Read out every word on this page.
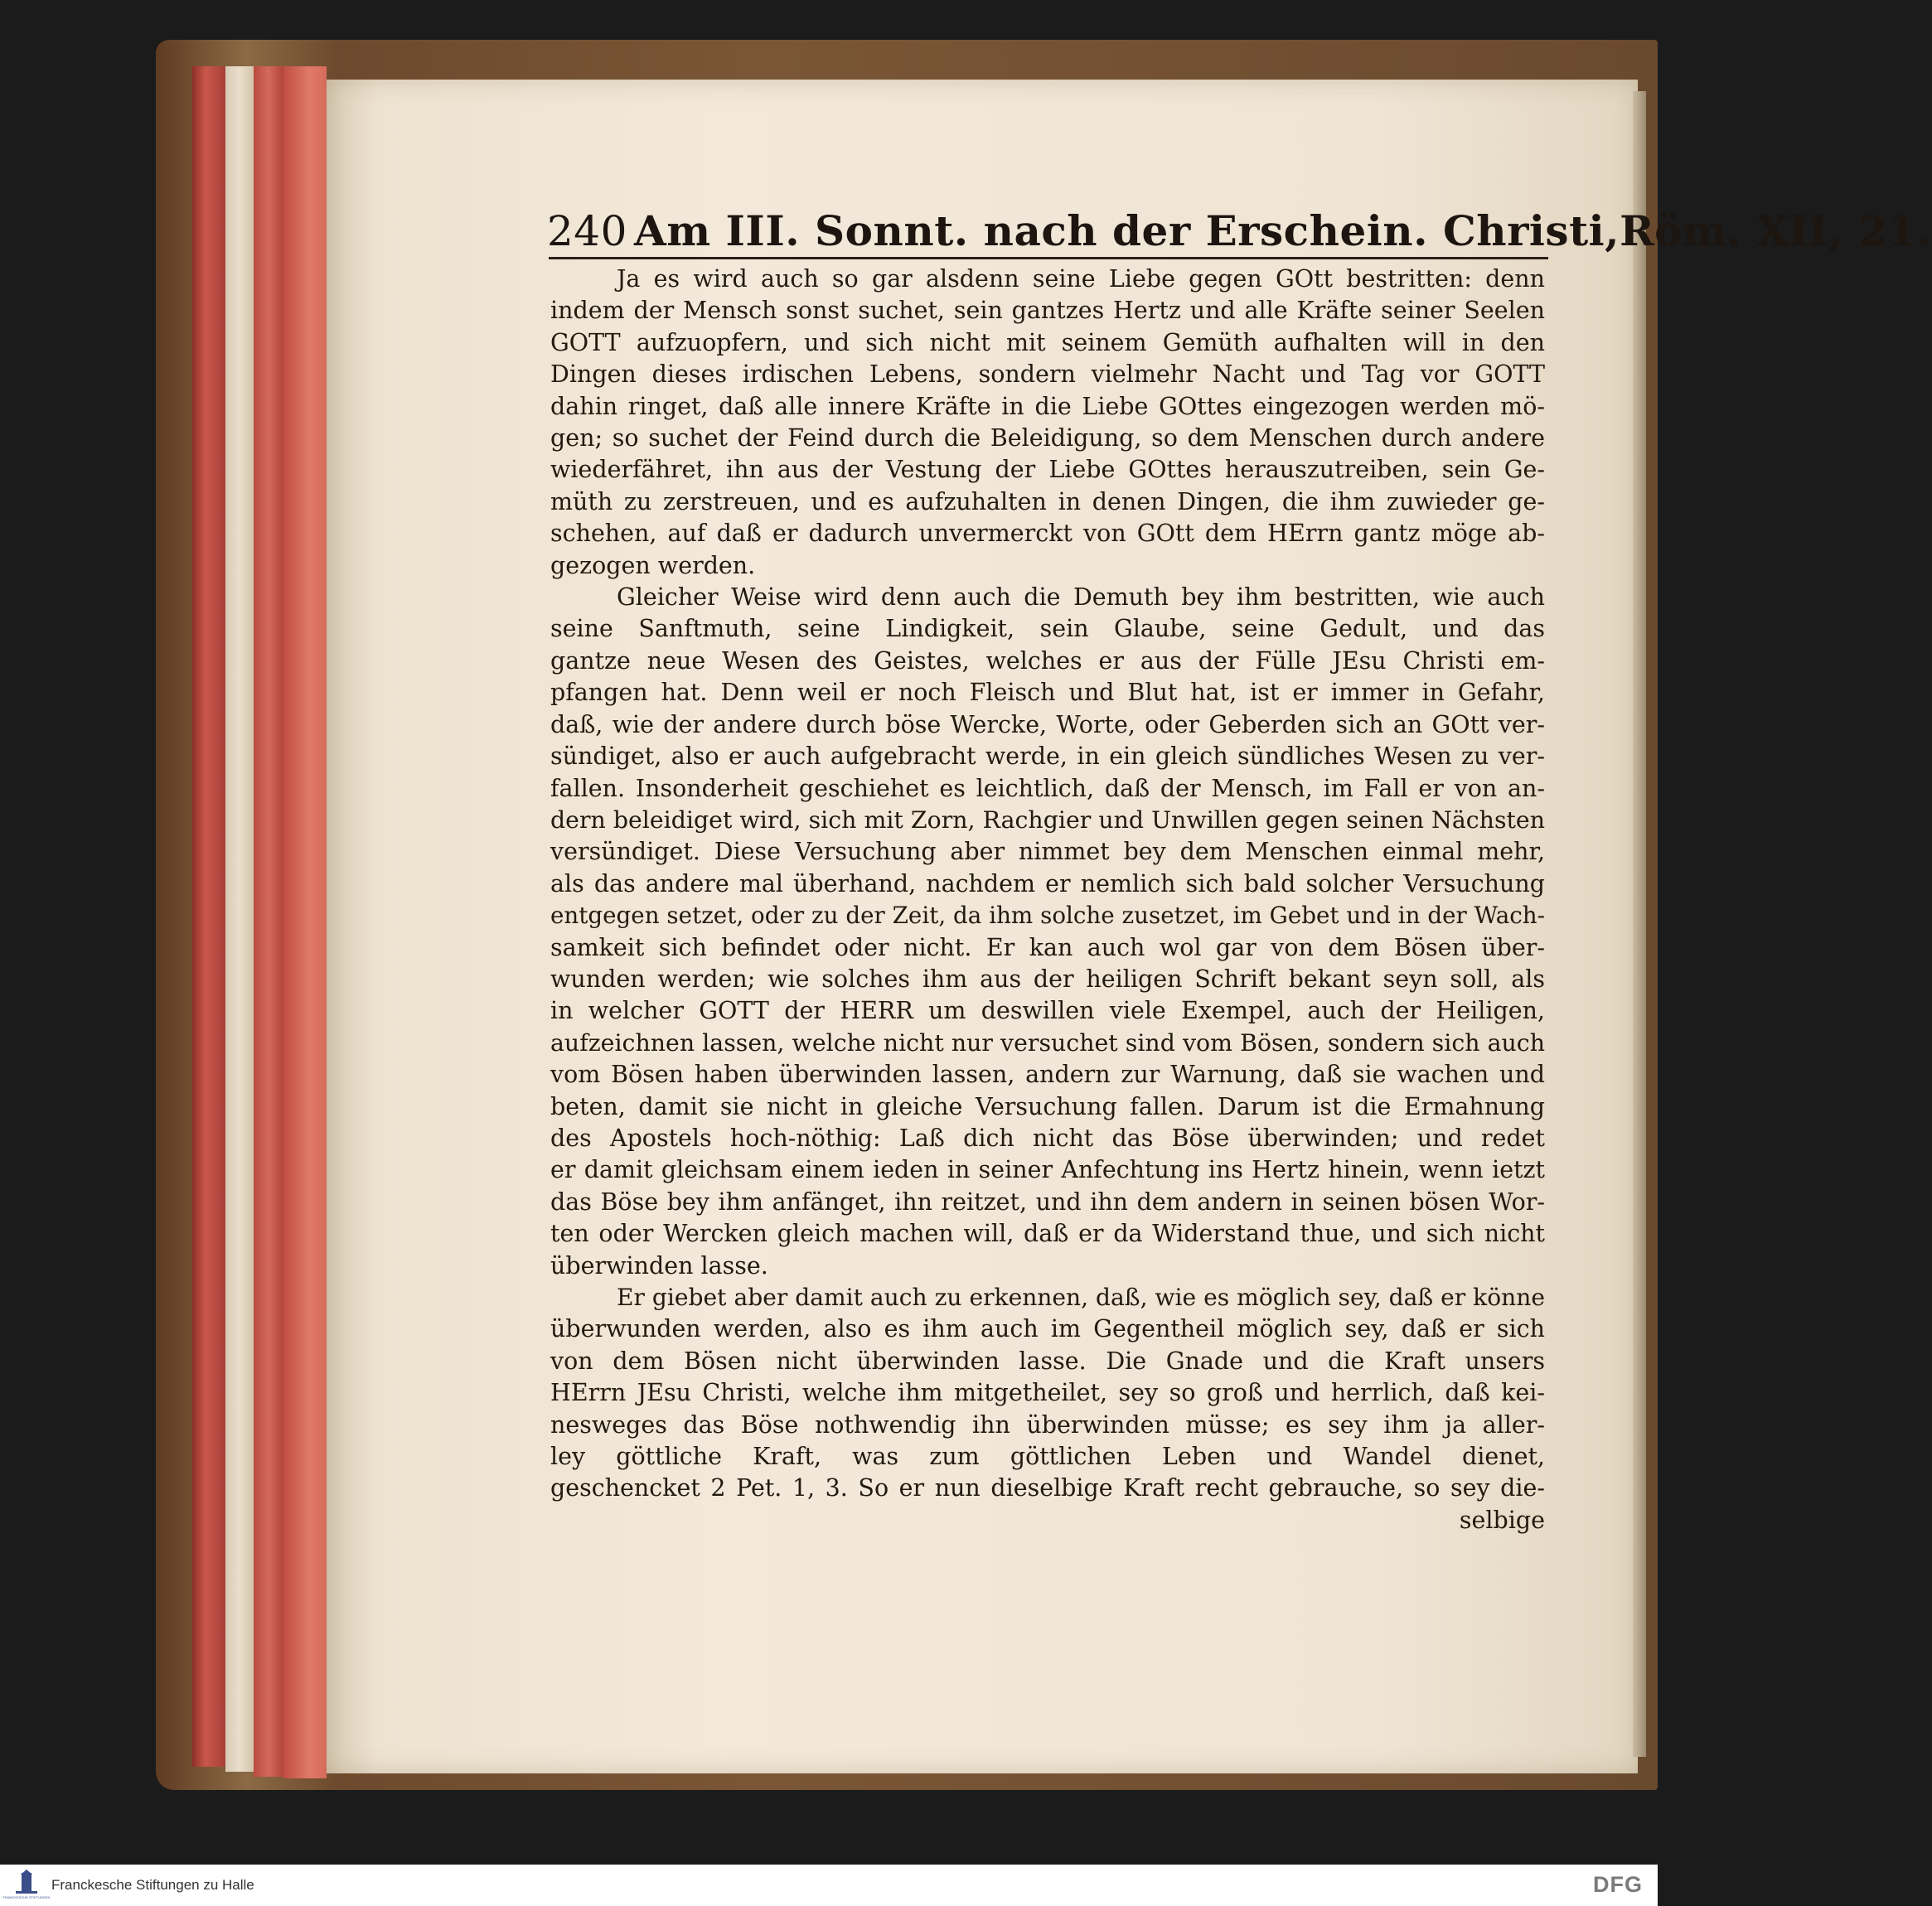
240 Am III. Sonnt. nach der Erschein. Christi, Röm. XII, 21.

Ja es wird auch so gar alsdenn seine Liebe gegen GOtt bestritten: denn
indem der Mensch sonst suchet, sein gantzes Hertz und alle Kräfte seiner Seelen
GOTT aufzuopfern, und sich nicht mit seinem Gemüth aufhalten will in den
Dingen dieses irdischen Lebens, sondern vielmehr Nacht und Tag vor GOTT
dahin ringet, daß alle innere Kräfte in die Liebe GOttes eingezogen werden mö-
gen; so suchet der Feind durch die Beleidigung, so dem Menschen durch andere
wiederfähret, ihn aus der Vestung der Liebe GOttes herauszutreiben, sein Ge-
müth zu zerstreuen, und es aufzuhalten in denen Dingen, die ihm zuwieder ge-
schehen, auf daß er dadurch unvermerckt von GOtt dem HErrn gantz möge ab-
gezogen werden.

Gleicher Weise wird denn auch die Demuth bey ihm bestritten, wie auch
seine Sanftmuth, seine Lindigkeit, sein Glaube, seine Gedult, und das
gantze neue Wesen des Geistes, welches er aus der Fülle JEsu Christi em-
pfangen hat. Denn weil er noch Fleisch und Blut hat, ist er immer in Gefahr,
daß, wie der andere durch böse Wercke, Worte, oder Geberden sich an GOtt ver-
sündiget, also er auch aufgebracht werde, in ein gleich sündliches Wesen zu ver-
fallen. Insonderheit geschiehet es leichtlich, daß der Mensch, im Fall er von an-
dern beleidiget wird, sich mit Zorn, Rachgier und Unwillen gegen seinen Nächsten
versündiget. Diese Versuchung aber nimmet bey dem Menschen einmal mehr,
als das andere mal überhand, nachdem er nemlich sich bald solcher Versuchung
entgegen setzet, oder zu der Zeit, da ihm solche zusetzet, im Gebet und in der Wach-
samkeit sich befindet oder nicht. Er kan auch wol gar von dem Bösen über-
wunden werden; wie solches ihm aus der heiligen Schrift bekant seyn soll, als
in welcher GOTT der HERR um deswillen viele Exempel, auch der Heiligen,
aufzeichnen lassen, welche nicht nur versuchet sind vom Bösen, sondern sich auch
vom Bösen haben überwinden lassen, andern zur Warnung, daß sie wachen und
beten, damit sie nicht in gleiche Versuchung fallen. Darum ist die Ermahnung
des Apostels hoch-nöthig: Laß dich nicht das Böse überwinden; und redet
er damit gleichsam einem ieden in seiner Anfechtung ins Hertz hinein, wenn ietzt
das Böse bey ihm anfänget, ihn reitzet, und ihn dem andern in seinen bösen Wor-
ten oder Wercken gleich machen will, daß er da Widerstand thue, und sich nicht
überwinden lasse.

Er giebet aber damit auch zu erkennen, daß, wie es möglich sey, daß er könne
überwunden werden, also es ihm auch im Gegentheil möglich sey, daß er sich
von dem Bösen nicht überwinden lasse. Die Gnade und die Kraft unsers
HErrn JEsu Christi, welche ihm mitgetheilet, sey so groß und herrlich, daß kei-
nesweges das Böse nothwendig ihn überwinden müsse; es sey ihm ja aller-
ley göttliche Kraft, was zum göttlichen Leben und Wandel dienet,
geschencket 2 Pet. 1, 3. So er nun dieselbige Kraft recht gebrauche, so sey die-

selbige

FRANCKESCHE STIFTUNGEN
Franckesche Stiftungen zu Halle	DFG
